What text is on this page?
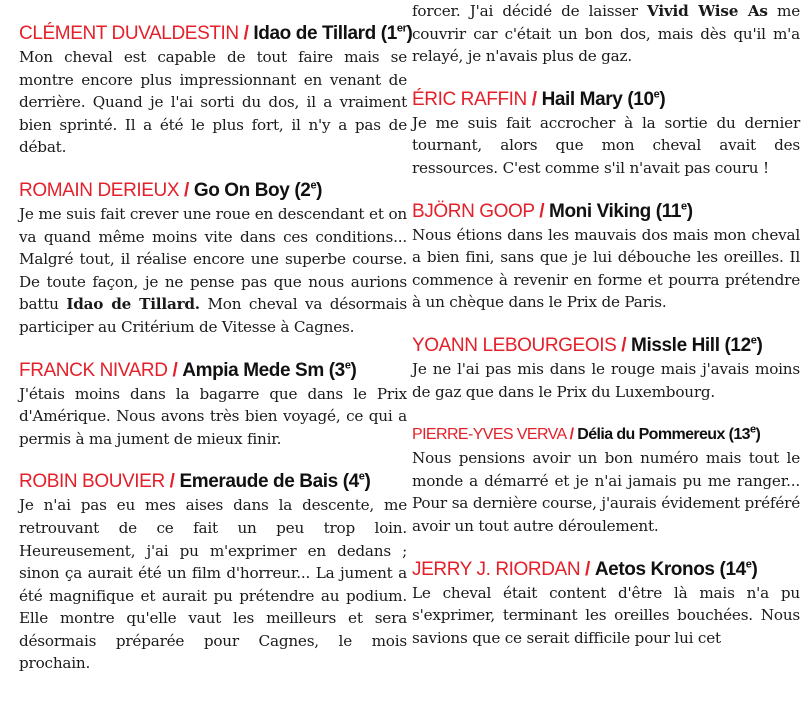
CLÉMENT DUVALDESTIN / Idao de Tillard (1er)

Mon cheval est capable de tout faire mais se montre encore plus impressionnant en venant de derrière. Quand je l'ai sorti du dos, il a vraiment bien sprinté. Il a été le plus fort, il n'y a pas de débat.

ROMAIN DERIEUX / Go On Boy (2e)

Je me suis fait crever une roue en descendant et on va quand même moins vite dans ces conditions... Malgré tout, il réalise encore une superbe course. De toute façon, je ne pense pas que nous aurions battu Idao de Tillard. Mon cheval va désormais participer au Critérium de Vitesse à Cagnes.

FRANCK NIVARD / Ampia Mede Sm (3e)

J'étais moins dans la bagarre que dans le Prix d'Amérique. Nous avons très bien voyagé, ce qui a permis à ma jument de mieux finir.

ROBIN BOUVIER / Emeraude de Bais (4e)

Je n'ai pas eu mes aises dans la descente, me retrouvant de ce fait un peu trop loin. Heureusement, j'ai pu m'exprimer en dedans ; sinon ça aurait été un film d'horreur... La jument a été magnifique et aurait pu prétendre au podium. Elle montre qu'elle vaut les meilleurs et sera désormais préparée pour Cagnes, le mois prochain.

forcer. J'ai décidé de laisser Vivid Wise As me couvrir car c'était un bon dos, mais dès qu'il m'a relayé, je n'avais plus de gaz.

ÉRIC RAFFIN / Hail Mary (10e)

Je me suis fait accrocher à la sortie du dernier tournant, alors que mon cheval avait des ressources. C'est comme s'il n'avait pas couru !

BJÖRN GOOP / Moni Viking (11e)

Nous étions dans les mauvais dos mais mon cheval a bien fini, sans que je lui débouche les oreilles. Il commence à revenir en forme et pourra prétendre à un chèque dans le Prix de Paris.

YOANN LEBOURGEOIS / Missle Hill (12e)

Je ne l'ai pas mis dans le rouge mais j'avais moins de gaz que dans le Prix du Luxembourg.

PIERRE-YVES VERVA / Délia du Pommereux (13e)

Nous pensions avoir un bon numéro mais tout le monde a démarré et je n'ai jamais pu me ranger... Pour sa dernière course, j'aurais évidement préféré avoir un tout autre déroulement.

JERRY J. RIORDAN / Aetos Kronos (14e)

Le cheval était content d'être là mais n'a pu s'exprimer, terminant les oreilles bouchées. Nous savions que ce serait difficile pour lui cet
